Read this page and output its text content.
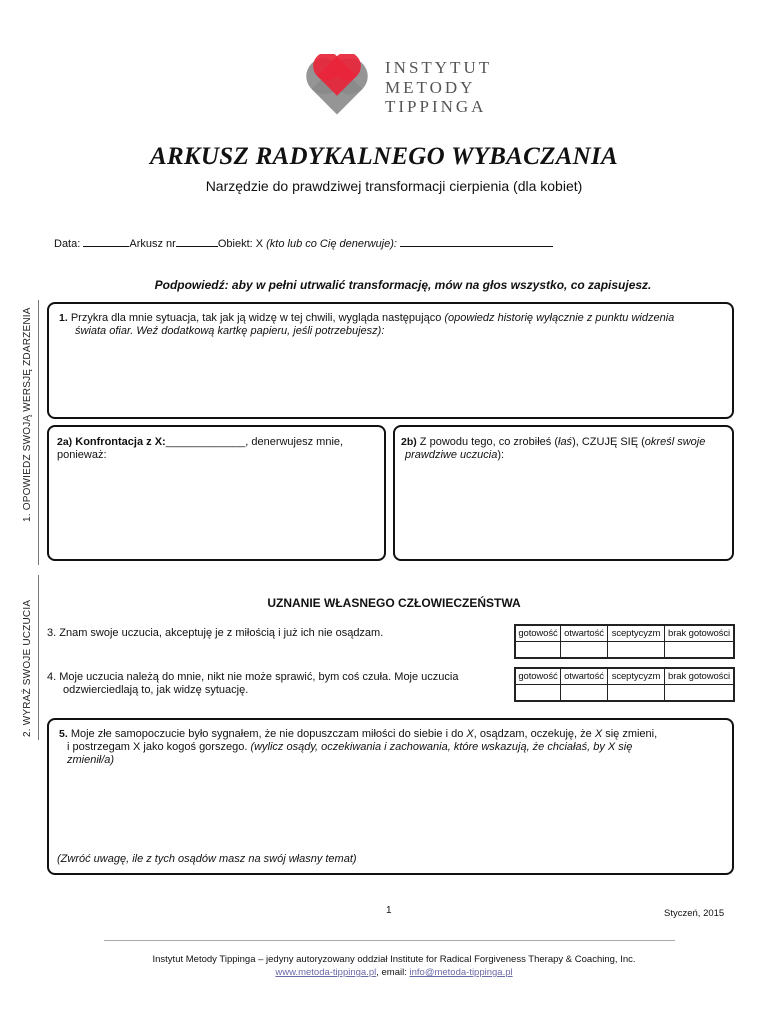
INSTYTUT
METODY
TIPPINGA
ARKUSZ RADYKALNEGO WYBACZANIA
Narzędzie do prawdziwej transformacji cierpienia (dla kobiet)
Data:	Arkusz nr	Obiekt: X (kto lub co Cię denerwuje):
Podpowiedź: aby w pełni utrwalić transformację, mów na głos wszystko, co zapisujesz.
1. OPOWIEDZ SWOJĄ WERSJĘ ZDARZENIA
2. WYRAŹ SWOJE UCZUCIA
1. Przykra dla mnie sytuacja, tak jak ją widzę w tej chwili, wygląda następująco (opowiedz historię wyłącznie z punktu widzenia
świata ofiar. Weź dodatkową kartkę papieru, jeśli potrzebujesz):
2a) Konfrontacja z X:_____________, denerwujesz mnie,
ponieważ:
2b) Z powodu tego, co zrobiłeś (łaś), CZUJĘ SIĘ (określ swoje
prawdziwe uczucia):
UZNANIE WŁASNEGO CZŁOWIECZEŃSTWA
3. Znam swoje uczucia, akceptuję je z miłością i już ich nie osądzam.	gotowość	otwartość	sceptycyzm	brak gotowości

4. Moje uczucia należą do mnie, nikt nie może sprawić, bym coś czuła. Moje uczucia
odzwierciedlają to, jak widzę sytuację.
gotowość	otwartość	sceptycyzm	brak gotowości

5. Moje złe samopoczucie było sygnałem, że nie dopuszczam miłości do siebie i do X, osądzam, oczekuję, że X się zmieni,
i postrzegam X jako kogoś gorszego. (wylicz osądy, oczekiwania i zachowania, które wskazują, że chciałaś, by X się
zmienił/a)
(Zwróć uwagę, ile z tych osądów masz na swój własny temat)
1	Styczeń, 2015
Instytut Metody Tippinga – jedyny autoryzowany oddział Institute for Radical Forgiveness Therapy & Coaching, Inc.
www.metoda-tippinga.pl, email: info@metoda-tippinga.pl
